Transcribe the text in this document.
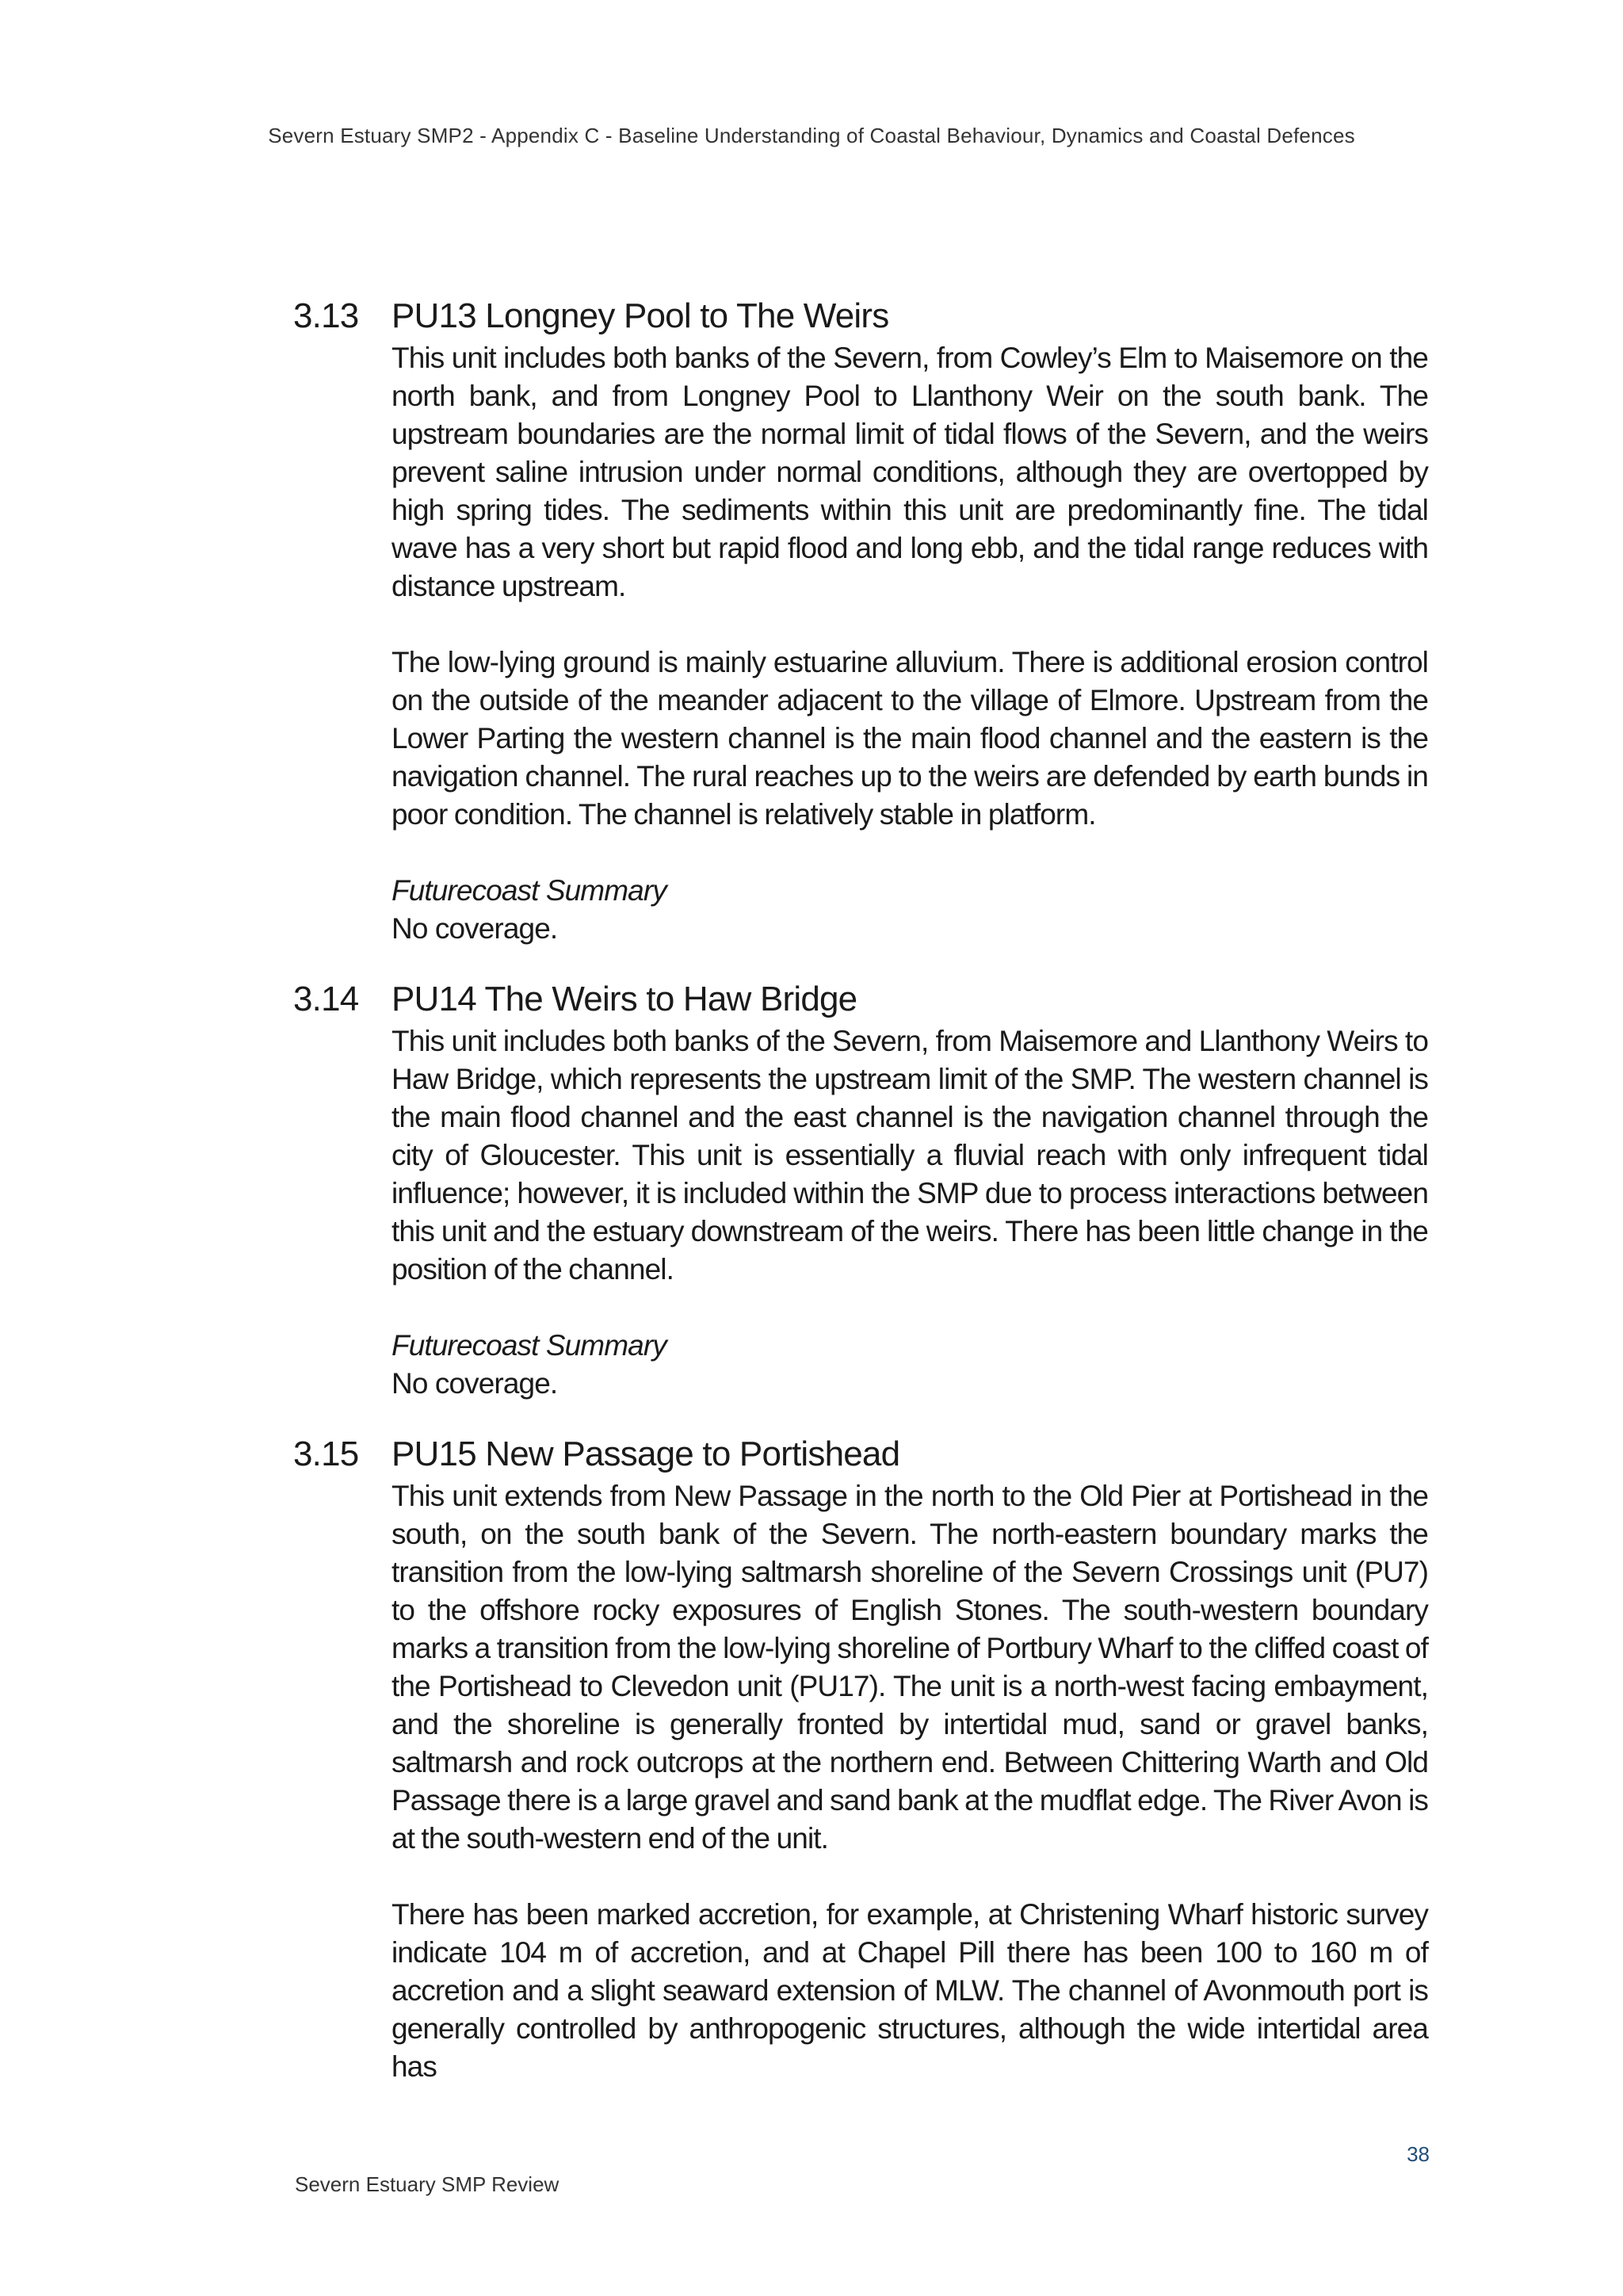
Severn Estuary SMP2 - Appendix C - Baseline Understanding of Coastal Behaviour, Dynamics and Coastal Defences
3.13 PU13 Longney Pool to The Weirs

This unit includes both banks of the Severn, from Cowley’s Elm to Maisemore on the north bank, and from Longney Pool to Llanthony Weir on the south bank. The upstream boundaries are the normal limit of tidal flows of the Severn, and the weirs prevent saline intrusion under normal conditions, although they are overtopped by high spring tides. The sediments within this unit are predominantly fine. The tidal wave has a very short but rapid flood and long ebb, and the tidal range reduces with distance upstream.

The low-lying ground is mainly estuarine alluvium. There is additional erosion control on the outside of the meander adjacent to the village of Elmore. Upstream from the Lower Parting the western channel is the main flood channel and the eastern is the navigation channel. The rural reaches up to the weirs are defended by earth bunds in poor condition. The channel is relatively stable in platform.

Futurecoast Summary
No coverage.
3.14 PU14 The Weirs to Haw Bridge

This unit includes both banks of the Severn, from Maisemore and Llanthony Weirs to Haw Bridge, which represents the upstream limit of the SMP. The western channel is the main flood channel and the east channel is the navigation channel through the city of Gloucester. This unit is essentially a fluvial reach with only infrequent tidal influence; however, it is included within the SMP due to process interactions between this unit and the estuary downstream of the weirs. There has been little change in the position of the channel.

Futurecoast Summary
No coverage.
3.15 PU15 New Passage to Portishead

This unit extends from New Passage in the north to the Old Pier at Portishead in the south, on the south bank of the Severn. The north-eastern boundary marks the transition from the low-lying saltmarsh shoreline of the Severn Crossings unit (PU7) to the offshore rocky exposures of English Stones. The south-western boundary marks a transition from the low-lying shoreline of Portbury Wharf to the cliffed coast of the Portishead to Clevedon unit (PU17). The unit is a north-west facing embayment, and the shoreline is generally fronted by intertidal mud, sand or gravel banks, saltmarsh and rock outcrops at the northern end. Between Chittering Warth and Old Passage there is a large gravel and sand bank at the mudflat edge. The River Avon is at the south-western end of the unit.

There has been marked accretion, for example, at Christening Wharf historic survey indicate 104 m of accretion, and at Chapel Pill there has been 100 to 160 m of accretion and a slight seaward extension of MLW. The channel of Avonmouth port is generally controlled by anthropogenic structures, although the wide intertidal area has

38
Severn Estuary SMP Review
